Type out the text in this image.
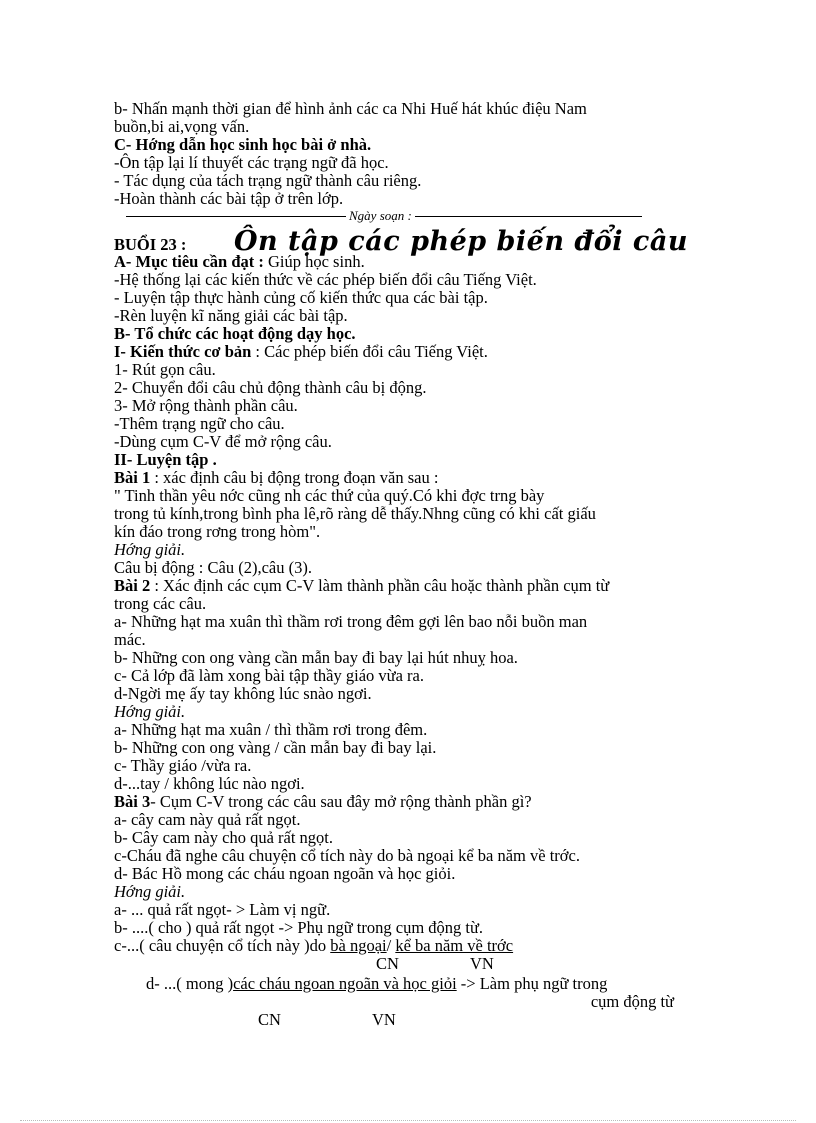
b- Nhấn mạnh thời gian để hình ảnh các ca Nhi Huế hát khúc điệu Nam
buồn,bi ai,vọng vấn.
C- Hớng dẫn học sinh học bài ở nhà.
-Ôn tập lại lí thuyết các trạng ngữ đã học.
- Tác dụng của tách trạng ngữ thành câu riêng.
-Hoàn thành các bài tập ở trên lớp.
Ngày soạn :
BUỔI 23 : Ôn tập các phép biến đổi câu
A- Mục tiêu cần đạt : Giúp học sinh.
-Hệ thống lại các kiến thức về các phép biến đổi câu Tiếng Việt.
- Luyện tập thực hành củng cố kiến thức qua các bài tập.
-Rèn luyện kĩ năng giải các bài tập.
B- Tổ chức các hoạt động dạy học.
I- Kiến thức cơ bản : Các phép biến đổi câu Tiếng Việt.
1- Rút gọn câu.
2- Chuyển đổi câu chủ động thành câu bị động.
3- Mở rộng thành phần câu.
-Thêm trạng ngữ cho câu.
-Dùng cụm C-V để mở rộng câu.
II- Luyện tập .
Bài 1 : xác định câu bị động trong đoạn văn sau :
" Tinh thần yêu nớc cũng nh các thứ của quý.Có khi đợc trng bày
trong tủ kính,trong bình pha lê,rõ ràng dễ thấy.Nhng cũng có khi cất giấu
kín đáo trong rơng trong hòm".
Hớng giải.
Câu bị động : Câu (2),câu (3).
Bài 2 : Xác định các cụm C-V làm thành phần câu hoặc thành phần cụm từ
trong các câu.
a- Những hạt ma xuân thì thầm rơi trong đêm gợi lên bao nỗi buồn man
mác.
b- Những con ong vàng cần mẫn bay đi bay lại hút nhuỵ hoa.
c- Cả lớp đã làm xong bài tập thầy giáo vừa ra.
d-Ngời mẹ ấy tay không lúc snào ngơi.
Hớng giải.
a- Những hạt ma xuân / thì thầm rơi trong đêm.
b- Những con ong vàng / cần mẫn bay đi bay lại.
c- Thầy giáo /vừa ra.
d-...tay / không lúc nào ngơi.
Bài 3- Cụm C-V trong các câu sau đây mở rộng thành phần gì?
a- cây cam này quả rất ngọt.
b- Cây cam này cho quả rất ngọt.
c-Cháu đã nghe câu chuyện cổ tích này do bà ngoại kể ba năm về trớc.
d- Bác Hồ mong các cháu ngoan ngoãn và học giỏi.
Hớng giải.
a- ... quả rất ngọt- > Làm vị ngữ.
b- ....( cho ) quả rất ngọt -> Phụ ngữ trong cụm động từ.
c-...( câu chuyện cổ tích này )do bà ngoại/ kể ba năm về trớc
CN	VN
d- ...( mong )các cháu ngoan ngoãn và học giỏi -> Làm phụ ngữ trong
cụm động từ
CN	VN
